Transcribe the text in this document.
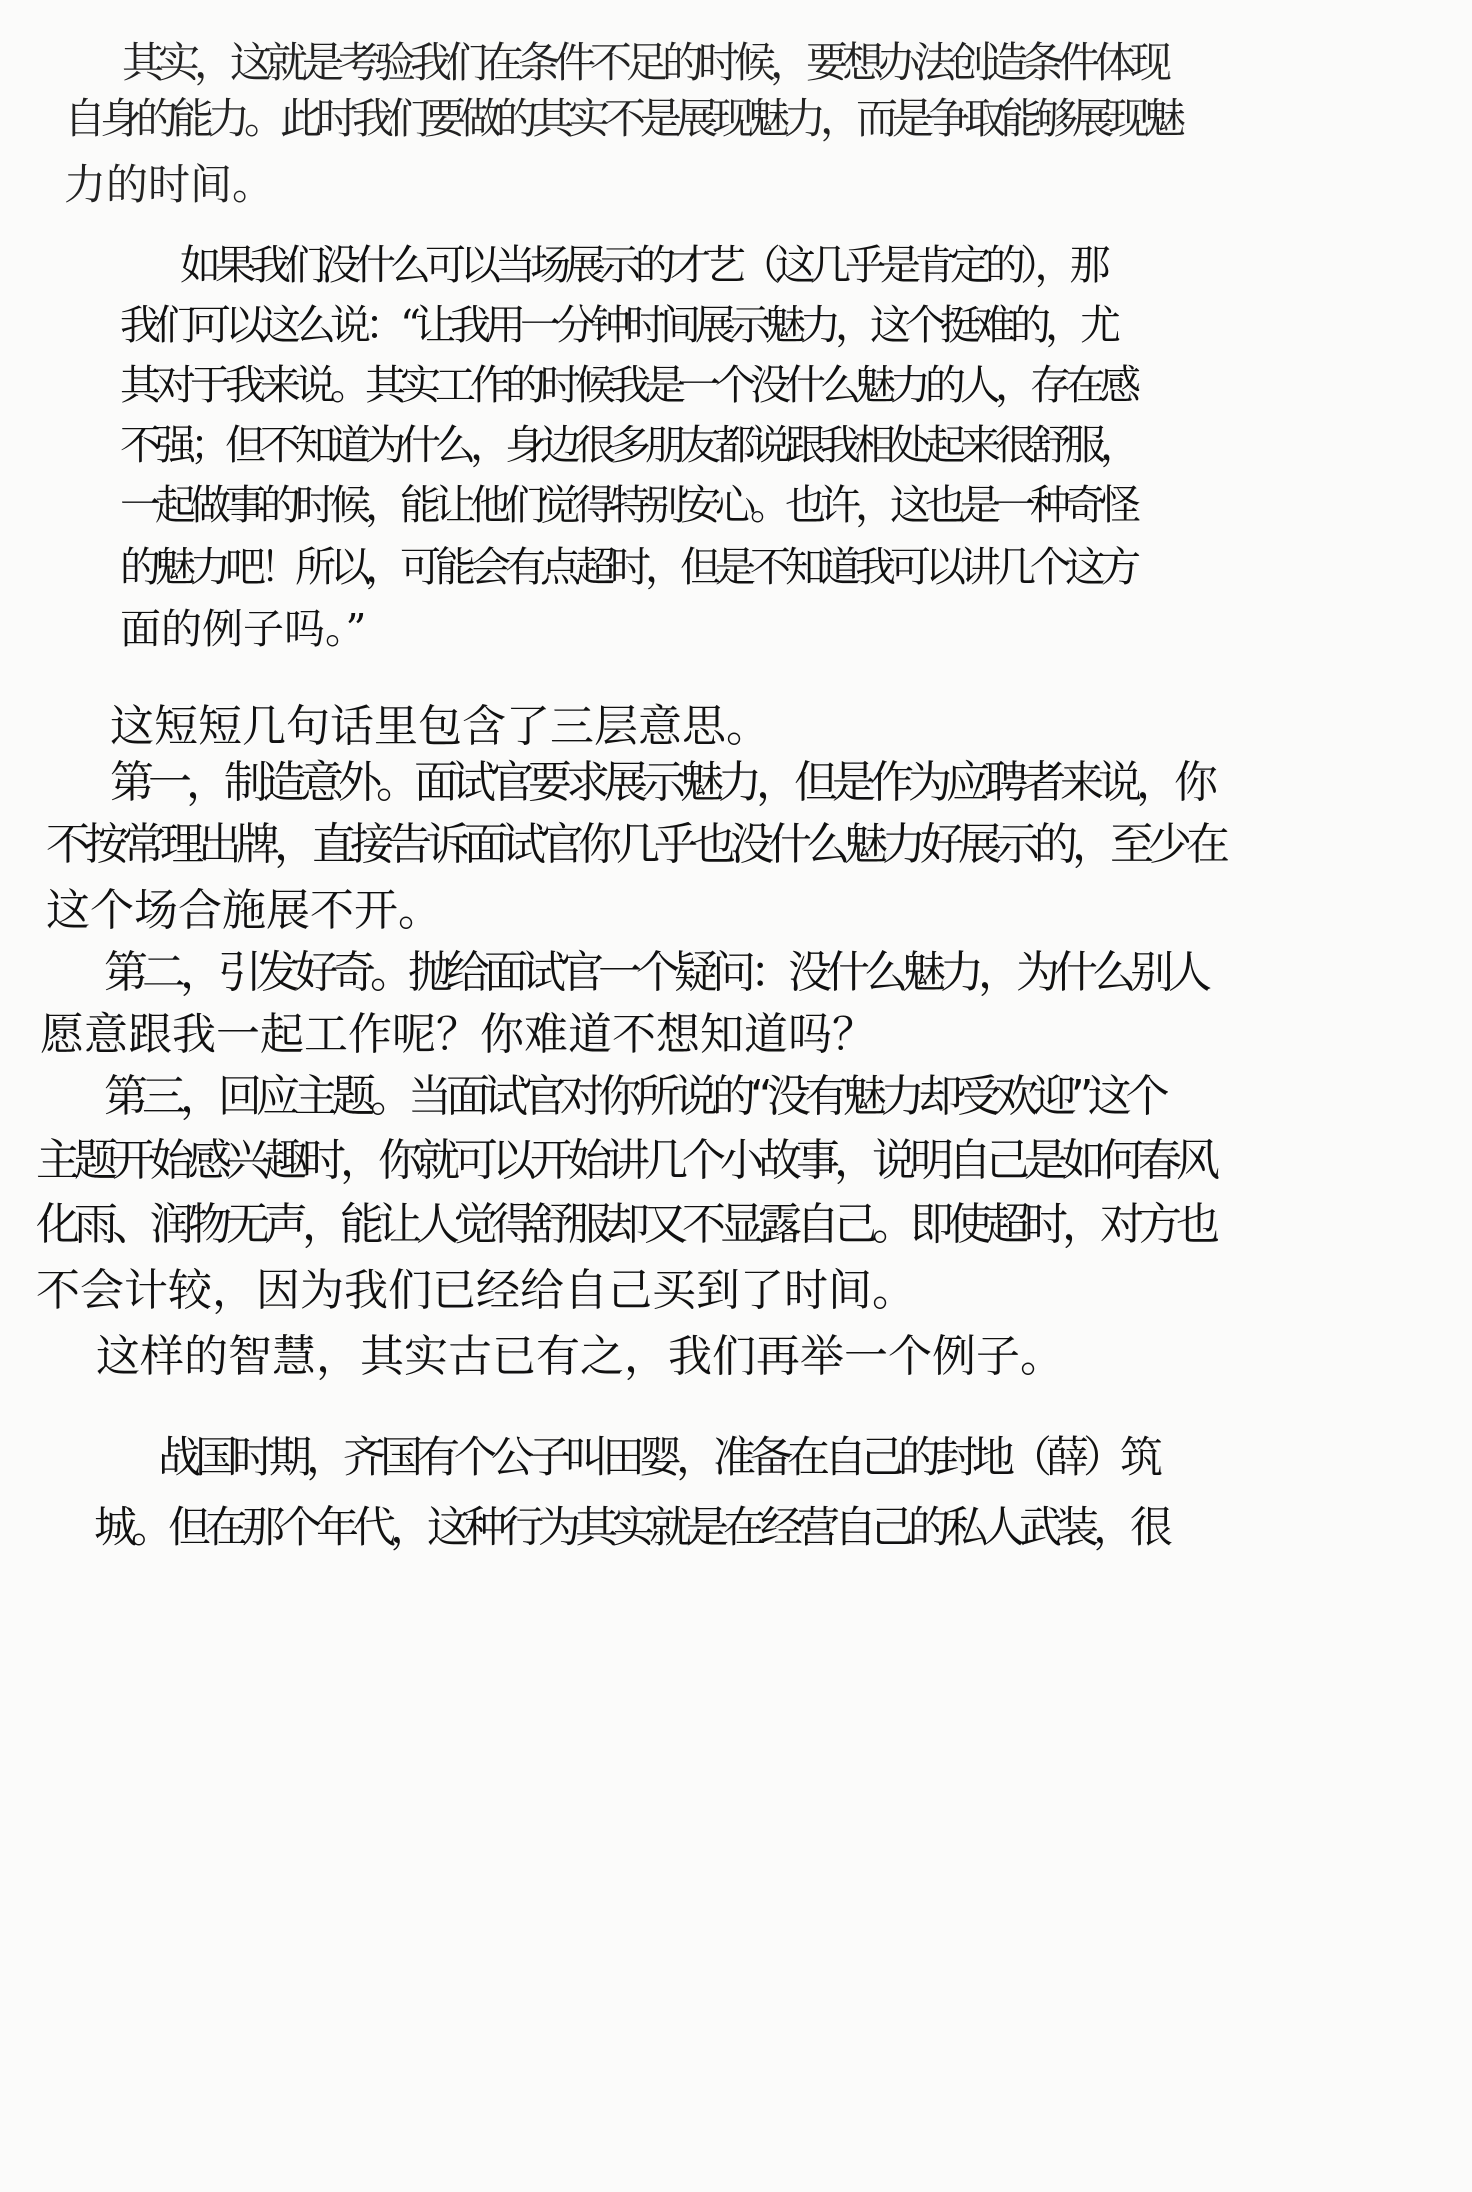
其实，这就是考验我们在条件不足的时候，要想办法创造条件体现
自身的能力。此时我们要做的其实不是展现魅力，而是争取能够展现魅
力的时间。
如果我们没什么可以当场展示的才艺（这几乎是肯定的），那
我们可以这么说：“让我用一分钟时间展示魅力，这个挺难的，尤
其对于我来说。其实工作的时候我是一个没什么魅力的人，存在感
不强；但不知道为什么，身边很多朋友都说跟我相处起来很舒服，
一起做事的时候，能让他们觉得特别安心。也许，这也是一种奇怪
的魅力吧！所以，可能会有点超时，但是不知道我可以讲几个这方
面的例子吗。”
这短短几句话里包含了三层意思。
第一，制造意外。面试官要求展示魅力，但是作为应聘者来说，你
不按常理出牌，直接告诉面试官你几乎也没什么魅力好展示的，至少在
这个场合施展不开。
第二，引发好奇。抛给面试官一个疑问：没什么魅力，为什么别人
愿意跟我一起工作呢？你难道不想知道吗？
第三，回应主题。当面试官对你所说的“没有魅力却受欢迎”这个
主题开始感兴趣时，你就可以开始讲几个小故事，说明自己是如何春风
化雨、润物无声，能让人觉得舒服却又不显露自己。即使超时，对方也
不会计较，因为我们已经给自己买到了时间。
这样的智慧，其实古已有之，我们再举一个例子。
战国时期，齐国有个公子叫田婴，准备在自己的封地（薛）筑
城。但在那个年代，这种行为其实就是在经营自己的私人武装，很
